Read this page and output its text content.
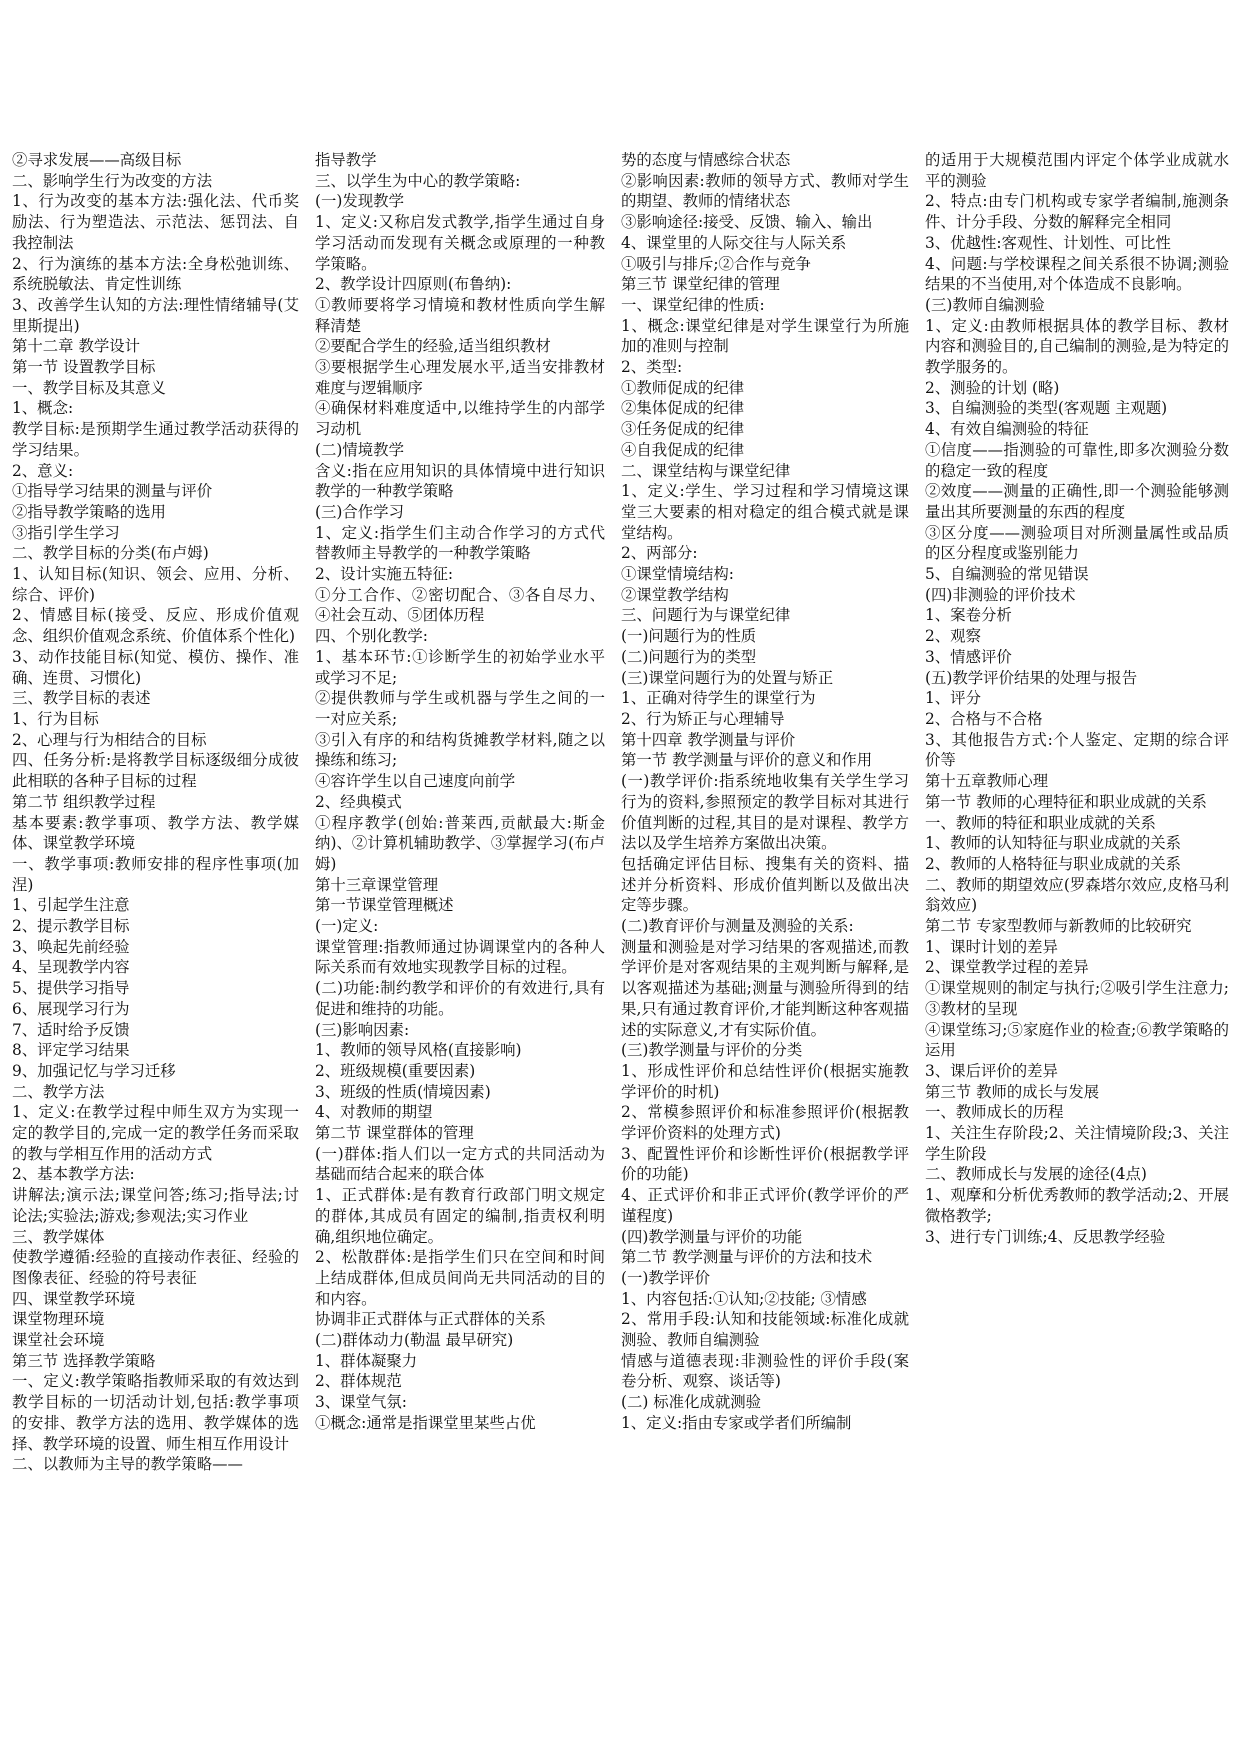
②寻求发展——高级目标
二、影响学生行为改变的方法
1、行为改变的基本方法:强化法、代币奖励法、行为塑造法、示范法、惩罚法、自我控制法
2、行为演练的基本方法:全身松弛训练、系统脱敏法、肯定性训练
3、改善学生认知的方法:理性情绪辅导(艾里斯提出)
第十二章 教学设计
第一节 设置教学目标
一、教学目标及其意义
1、概念:
教学目标:是预期学生通过教学活动获得的学习结果。
2、意义:
①指导学习结果的测量与评价
②指导教学策略的选用
③指引学生学习
二、教学目标的分类(布卢姆)
1、认知目标(知识、领会、应用、分析、综合、评价)
2、情感目标(接受、反应、形成价值观念、组织价值观念系统、价值体系个性化)
3、动作技能目标(知觉、模仿、操作、准确、连贯、习惯化)
三、教学目标的表述
1、行为目标
2、心理与行为相结合的目标
四、任务分析:是将教学目标逐级细分成彼此相联的各种子目标的过程
第二节 组织教学过程
基本要素:教学事项、教学方法、教学媒体、课堂教学环境
一、教学事项:教师安排的程序性事项(加涅)
1、引起学生注意
2、提示教学目标
3、唤起先前经验
4、呈现教学内容
5、提供学习指导
6、展现学习行为
7、适时给予反馈
8、评定学习结果
9、加强记忆与学习迁移
二、教学方法
1、定义:在教学过程中师生双方为实现一定的教学目的,完成一定的教学任务而采取的教与学相互作用的活动方式
2、基本教学方法:
讲解法;演示法;课堂问答;练习;指导法;讨论法;实验法;游戏;参观法;实习作业
三、教学媒体
使教学遵循:经验的直接动作表征、经验的图像表征、经验的符号表征
四、课堂教学环境
课堂物理环境
课堂社会环境
第三节 选择教学策略
一、定义:教学策略指教师采取的有效达到教学目标的一切活动计划,包括:教学事项的安排、教学方法的选用、教学媒体的选择、教学环境的设置、师生相互作用设计
二、以教师为主导的教学策略——
指导教学
三、以学生为中心的教学策略:
(一)发现教学
1、定义:又称启发式教学,指学生通过自身学习活动而发现有关概念或原理的一种教学策略。
2、教学设计四原则(布鲁纳):
①教师要将学习情境和教材性质向学生解释清楚
②要配合学生的经验,适当组织教材
③要根据学生心理发展水平,适当安排教材难度与逻辑顺序
④确保材料难度适中,以维持学生的内部学习动机
(二)情境教学
含义:指在应用知识的具体情境中进行知识教学的一种教学策略
(三)合作学习
1、定义:指学生们主动合作学习的方式代替教师主导教学的一种教学策略
2、设计实施五特征:
①分工合作、②密切配合、③各自尽力、④社会互动、⑤团体历程
四、个别化教学:
1、基本环节:①诊断学生的初始学业水平或学习不足;
②提供教师与学生或机器与学生之间的一一对应关系;
③引入有序的和结构货摊教学材料,随之以操练和练习;
④容许学生以自己速度向前学
2、经典模式
①程序教学(创始:普莱西,贡献最大:斯金纳)、②计算机辅助教学、③掌握学习(布卢姆)
第十三章课堂管理
第一节课堂管理概述
(一)定义:
课堂管理:指教师通过协调课堂内的各种人际关系而有效地实现教学目标的过程。
(二)功能:制约教学和评价的有效进行,具有促进和维持的功能。
(三)影响因素:
1、教师的领导风格(直接影响)
2、班级规模(重要因素)
3、班级的性质(情境因素)
4、对教师的期望
第二节 课堂群体的管理
(一)群体:指人们以一定方式的共同活动为基础而结合起来的联合体
1、正式群体:是有教育行政部门明文规定的群体,其成员有固定的编制,指责权利明确,组织地位确定。
2、松散群体:是指学生们只在空间和时间上结成群体,但成员间尚无共同活动的目的和内容。
协调非正式群体与正式群体的关系
(二)群体动力(勒温 最早研究)
1、群体凝聚力
2、群体规范
3、课堂气氛:
①概念:通常是指课堂里某些占优
势的态度与情感综合状态
②影响因素:教师的领导方式、教师对学生的期望、教师的情绪状态
③影响途径:接受、反馈、输入、输出
4、课堂里的人际交往与人际关系
①吸引与排斥;②合作与竞争
第三节 课堂纪律的管理
一、课堂纪律的性质:
1、概念:课堂纪律是对学生课堂行为所施加的准则与控制
2、类型:
①教师促成的纪律
②集体促成的纪律
③任务促成的纪律
④自我促成的纪律
二、课堂结构与课堂纪律
1、定义:学生、学习过程和学习情境这课堂三大要素的相对稳定的组合模式就是课堂结构。
2、两部分:
①课堂情境结构:
②课堂教学结构
三、问题行为与课堂纪律
(一)问题行为的性质
(二)问题行为的类型
(三)课堂问题行为的处置与矫正
1、正确对待学生的课堂行为
2、行为矫正与心理辅导
第十四章 教学测量与评价
第一节 教学测量与评价的意义和作用
(一)教学评价:指系统地收集有关学生学习行为的资料,参照预定的教学目标对其进行价值判断的过程,其目的是对课程、教学方法以及学生培养方案做出决策。
包括确定评估目标、搜集有关的资料、描述并分析资料、形成价值判断以及做出决定等步骤。
(二)教育评价与测量及测验的关系:
测量和测验是对学习结果的客观描述,而教学评价是对客观结果的主观判断与解释,是以客观描述为基础;测量与测验所得到的结果,只有通过教育评价,才能判断这种客观描述的实际意义,才有实际价值。
(三)教学测量与评价的分类
1、形成性评价和总结性评价(根据实施教学评价的时机)
2、常模参照评价和标准参照评价(根据教学评价资料的处理方式)
3、配置性评价和诊断性评价(根据教学评价的功能)
4、正式评价和非正式评价(教学评价的严谨程度)
(四)教学测量与评价的功能
第二节 教学测量与评价的方法和技术
(一)教学评价
1、内容包括:①认知;②技能; ③情感
2、常用手段:认知和技能领域:标准化成就测验、教师自编测验
情感与道德表现:非测验性的评价手段(案卷分析、观察、谈话等)
(二) 标准化成就测验
1、定义:指由专家或学者们所编制
的适用于大规模范围内评定个体学业成就水平的测验
2、特点:由专门机构或专家学者编制,施测条件、计分手段、分数的解释完全相同
3、优越性:客观性、计划性、可比性
4、问题:与学校课程之间关系很不协调;测验结果的不当使用,对个体造成不良影响。
(三)教师自编测验
1、定义:由教师根据具体的教学目标、教材内容和测验目的,自己编制的测验,是为特定的教学服务的。
2、测验的计划 (略)
3、自编测验的类型(客观题 主观题)
4、有效自编测验的特征
①信度——指测验的可靠性,即多次测验分数的稳定一致的程度
②效度——测量的正确性,即一个测验能够测量出其所要测量的东西的程度
③区分度——测验项目对所测量属性或品质的区分程度或鉴别能力
5、自编测验的常见错误
(四)非测验的评价技术
1、案卷分析
2、观察
3、情感评价
(五)教学评价结果的处理与报告
1、评分
2、合格与不合格
3、其他报告方式:个人鉴定、定期的综合评价等
第十五章教师心理
第一节 教师的心理特征和职业成就的关系
一、教师的特征和职业成就的关系
1、教师的认知特征与职业成就的关系
2、教师的人格特征与职业成就的关系
二、教师的期望效应(罗森塔尔效应,皮格马利翁效应)
第二节 专家型教师与新教师的比较研究
1、课时计划的差异
2、课堂教学过程的差异
①课堂规则的制定与执行;②吸引学生注意力;③教材的呈现
④课堂练习;⑤家庭作业的检查;⑥教学策略的运用
3、课后评价的差异
第三节 教师的成长与发展
一、教师成长的历程
1、关注生存阶段;2、关注情境阶段;3、关注学生阶段
二、教师成长与发展的途径(4点)
1、观摩和分析优秀教师的教学活动;2、开展微格教学;
3、进行专门训练;4、反思教学经验
